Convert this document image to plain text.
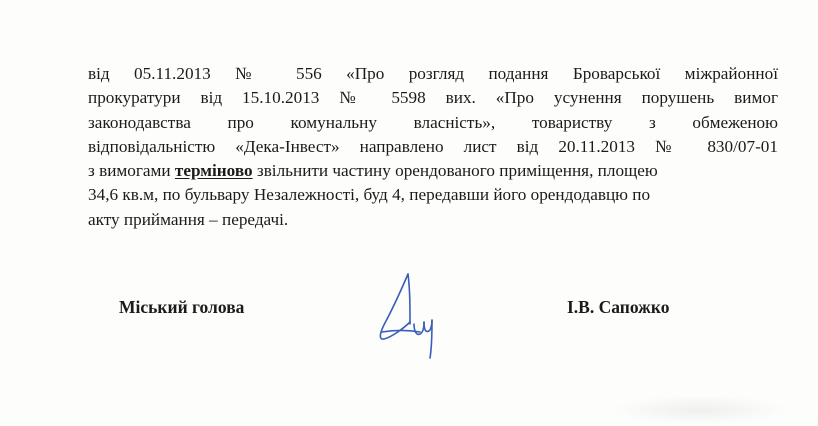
від 05.11.2013 № 556 «Про розгляд подання Броварської міжрайонної
прокуратури від 15.10.2013 № 5598 вих. «Про усунення порушень вимог
законодавства про комунальну власність», товариству з обмеженою
відповідальністю «Дека-Інвест» направлено лист від 20.11.2013 № 830/07-01
з вимогами терміново звільнити частину орендованого приміщення, площею
34,6 кв.м, по бульвару Незалежності, буд 4, передавши його орендодавцю по
акту приймання – передачі.
Міський голова	І.В. Сапожко
